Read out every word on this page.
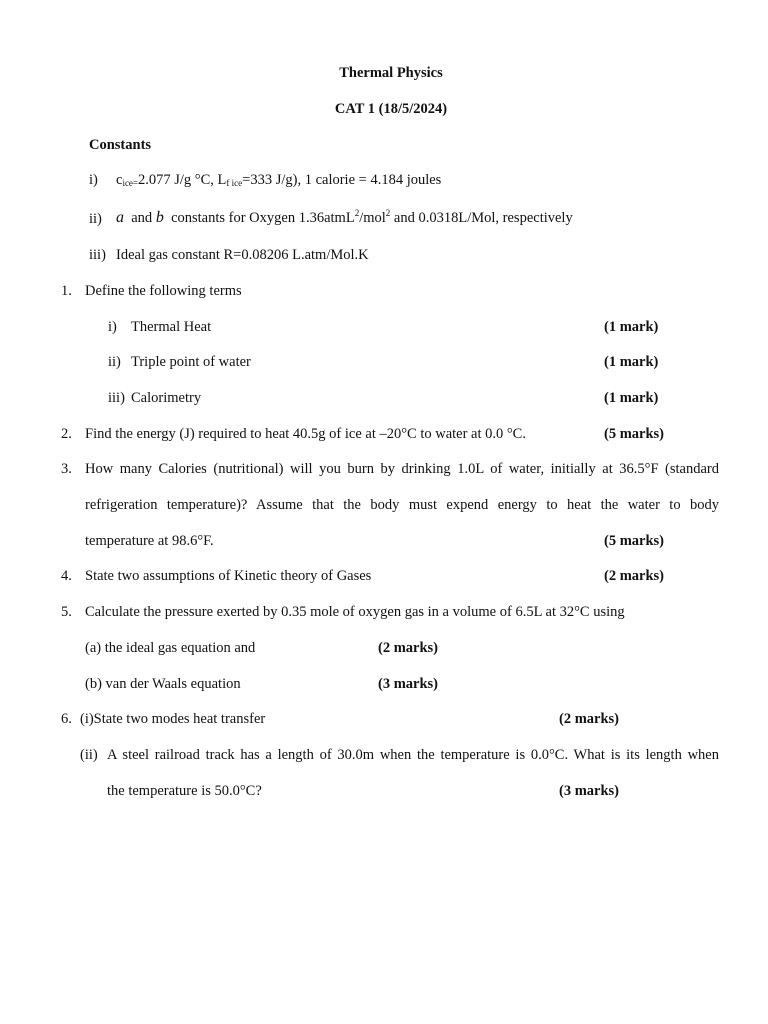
Thermal Physics
CAT 1 (18/5/2024)
Constants
i) $c_{ice=}2.077$ J/g °C, $L_{f ice}=333$ J/g), 1 calorie = 4.184 joules
ii) a and b constants for Oxygen 1.36atmL$^2$/mol$^2$ and 0.0318L/Mol, respectively
iii) Ideal gas constant R=0.08206 L.atm/Mol.K
1. Define the following terms
i) Thermal Heat	(1 mark)
ii) Triple point of water	(1 mark)
iii) Calorimetry	(1 mark)
2. Find the energy (J) required to heat 40.5g of ice at –20°C to water at 0.0 °C.	(5 marks)
3. How many Calories (nutritional) will you burn by drinking 1.0L of water, initially at 36.5°F (standard
refrigeration temperature)? Assume that the body must expend energy to heat the water to body
temperature at 98.6°F.	(5 marks)
4. State two assumptions of Kinetic theory of Gases	(2 marks)
5. Calculate the pressure exerted by 0.35 mole of oxygen gas in a volume of 6.5L at 32°C using
(a) the ideal gas equation and	(2 marks)
(b) van der Waals equation	(3 marks)
6. (i)State two modes heat transfer	(2 marks)
(ii) A steel railroad track has a length of 30.0m when the temperature is 0.0°C. What is its length when
the temperature is 50.0°C?	(3 marks)
